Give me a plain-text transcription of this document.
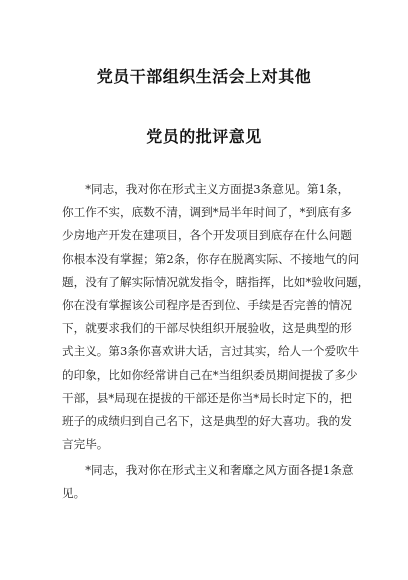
党员干部组织生活会上对其他
党员的批评意见
　　*同志，我对你在形式主义方面提3条意见。第1条，
你工作不实，底数不清，调到*局半年时间了，*到底有多
少房地产开发在建项目，各个开发项目到底存在什么问题
你根本没有掌握；第2条，你存在脱离实际、不接地气的问
题，没有了解实际情况就发指令，瞎指挥，比如*验收问题，
你在没有掌握该公司程序是否到位、手续是否完善的情况
下，就要求我们的干部尽快组织开展验收，这是典型的形
式主义。第3条你喜欢讲大话，言过其实，给人一个爱吹牛
的印象，比如你经常讲自己在*当组织委员期间提拔了多少
干部，县*局现在提拔的干部还是你当*局长时定下的，把
班子的成绩归到自己名下，这是典型的好大喜功。我的发
言完毕。
　　*同志，我对你在形式主义和奢靡之风方面各提1条意
见。
